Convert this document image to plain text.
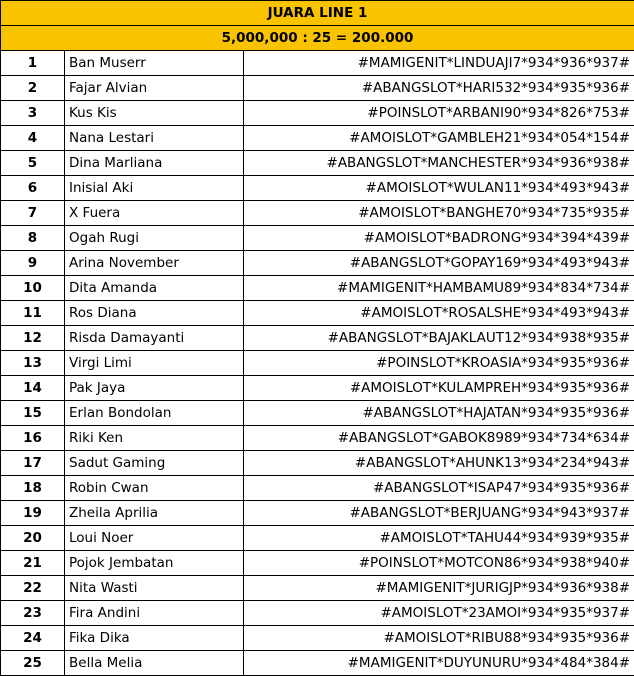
JUARA LINE 1		
5,000,000 : 25 = 200.000		
1	Ban Muserr	#MAMIGENIT*LINDUAJI7*934*936*937#
2	Fajar Alvian	#ABANGSLOT*HARI532*934*935*936#
3	Kus Kis	#POINSLOT*ARBANI90*934*826*753#
4	Nana Lestari	#AMOISLOT*GAMBLEH21*934*054*154#
5	Dina Marliana	#ABANGSLOT*MANCHESTER*934*936*938#
6	Inisial Aki	#AMOISLOT*WULAN11*934*493*943#
7	X Fuera	#AMOISLOT*BANGHE70*934*735*935#
8	Ogah Rugi	#AMOISLOT*BADRONG*934*394*439#
9	Arina November	#ABANGSLOT*GOPAY169*934*493*943#
10	Dita Amanda	#MAMIGENIT*HAMBAMU89*934*834*734#
11	Ros Diana	#AMOISLOT*ROSALSHE*934*493*943#
12	Risda Damayanti	#ABANGSLOT*BAJAKLAUT12*934*938*935#
13	Virgi Limi	#POINSLOT*KROASIA*934*935*936#
14	Pak Jaya	#AMOISLOT*KULAMPREH*934*935*936#
15	Erlan Bondolan	#ABANGSLOT*HAJATAN*934*935*936#
16	Riki Ken	#ABANGSLOT*GABOK8989*934*734*634#
17	Sadut Gaming	#ABANGSLOT*AHUNK13*934*234*943#
18	Robin Cwan	#ABANGSLOT*ISAP47*934*935*936#
19	Zheila Aprilia	#ABANGSLOT*BERJUANG*934*943*937#
20	Loui Noer	#AMOISLOT*TAHU44*934*939*935#
21	Pojok Jembatan	#POINSLOT*MOTCON86*934*938*940#
22	Nita Wasti	#MAMIGENIT*JURIGJP*934*936*938#
23	Fira Andini	#AMOISLOT*23AMOI*934*935*937#
24	Fika Dika	#AMOISLOT*RIBU88*934*935*936#
25	Bella Melia	#MAMIGENIT*DUYUNURU*934*484*384#
